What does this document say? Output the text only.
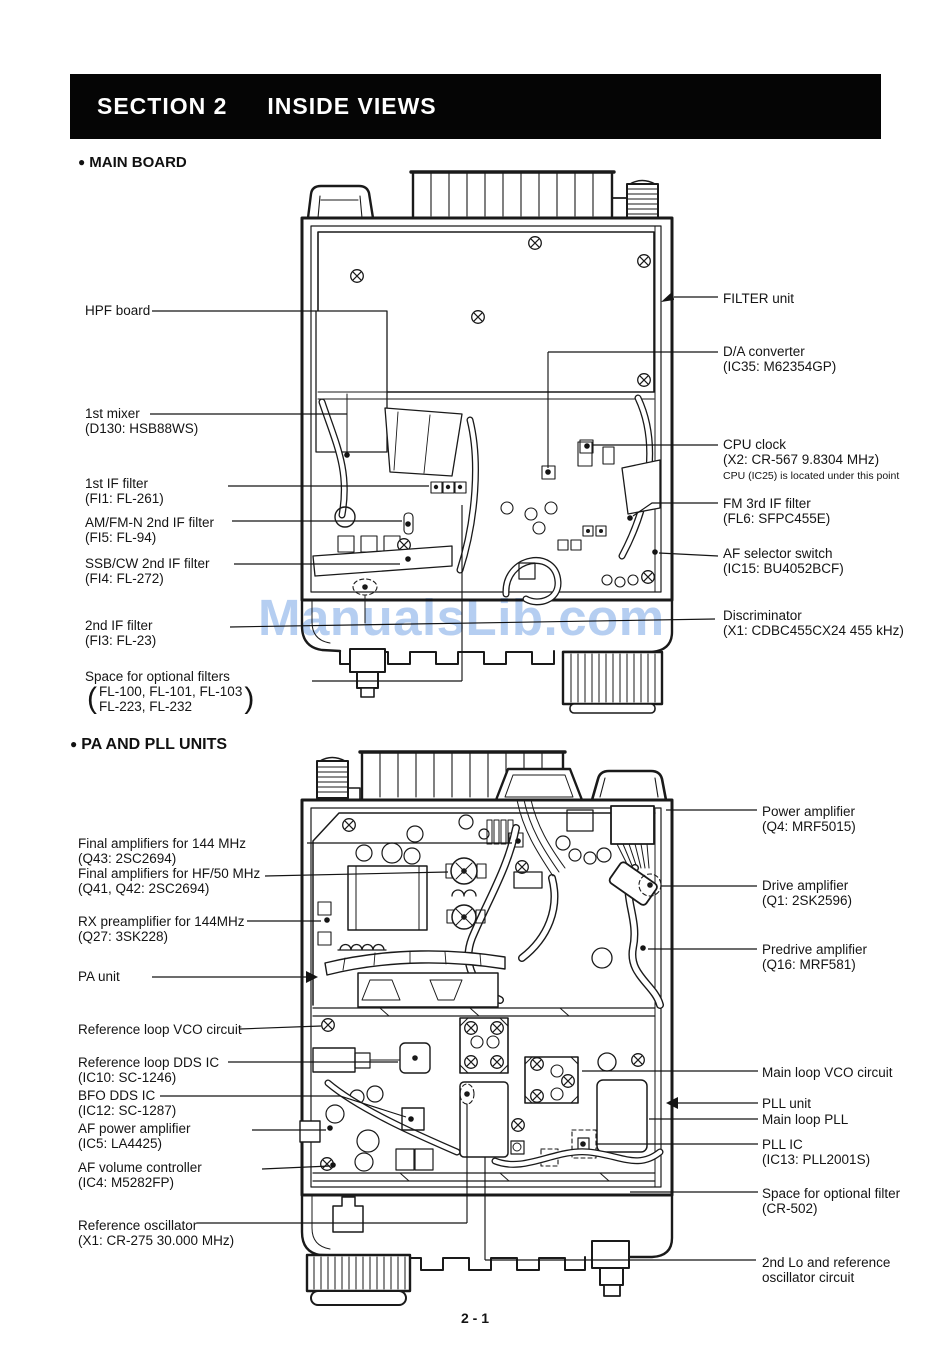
SECTION 2 INSIDE VIEWS
● MAIN BOARD
● PA AND PLL UNITS
HPF board
1st mixer
(D130: HSB88WS)
1st IF filter
(FI1: FL-261)
AM/FM-N 2nd IF filter
(FI5: FL-94)
SSB/CW 2nd IF filter
(FI4: FL-272)
2nd IF filter
(FI3: FL-23)
Space for optional filters
( FL-100, FL-101, FL-103
FL-223, FL-232	)
FILTER unit
D/A converter
(IC35: M62354GP)
CPU clock
(X2: CR-567 9.8304 MHz)
CPU (IC25) is located under this point
FM 3rd IF filter
(FL6: SFPC455E)
AF selector switch
(IC15: BU4052BCF)
Discriminator
(X1: CDBC455CX24 455 kHz)
Final amplifiers for 144 MHz
(Q43: 2SC2694)
Final amplifiers for HF/50 MHz
(Q41, Q42: 2SC2694)
RX preamplifier for 144MHz
(Q27: 3SK228)
PA unit
Reference loop VCO circuit
Reference loop DDS IC
(IC10: SC-1246)
BFO DDS IC
(IC12: SC-1287)
AF power amplifier
(IC5: LA4425)
AF volume controller
(IC4: M5282FP)
Reference oscillator
(X1: CR-275 30.000 MHz)
Power amplifier
(Q4: MRF5015)
Drive amplifier
(Q1: 2SK2596)
Predrive amplifier
(Q16: MRF581)
Main loop VCO circuit
PLL unit
Main loop PLL
PLL IC
(IC13: PLL2001S)
Space for optional filter
(CR-502)
2nd Lo and reference
oscillator circuit
ManualsLib.com
2 - 1
